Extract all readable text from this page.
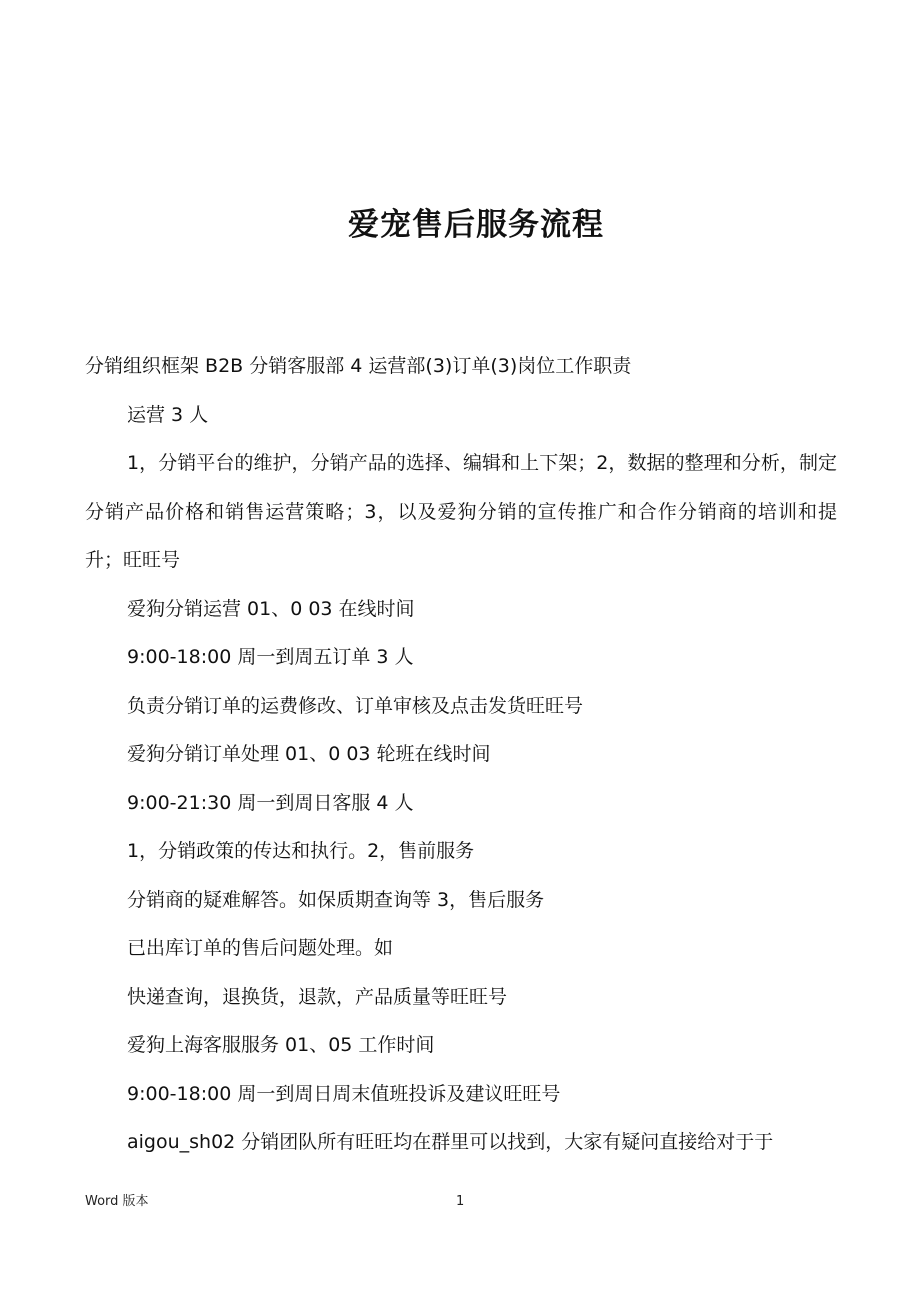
爱宠售后服务流程

分销组织框架 B2B 分销客服部 4 运营部(3)订单(3)岗位工作职责

运营 3 人

1，分销平台的维护，分销产品的选择、编辑和上下架；2，数据的整理和分析，制定分销产品价格和销售运营策略；3，以及爱狗分销的宣传推广和合作分销商的培训和提升；旺旺号

爱狗分销运营 01、0 03 在线时间

9:00-18:00 周一到周五订单 3 人

负责分销订单的运费修改、订单审核及点击发货旺旺号

爱狗分销订单处理 01、0 03 轮班在线时间

9:00-21:30 周一到周日客服 4 人

1，分销政策的传达和执行。2，售前服务

分销商的疑难解答。如保质期查询等 3，售后服务

已出库订单的售后问题处理。如

快递查询，退换货，退款，产品质量等旺旺号

爱狗上海客服服务 01、05 工作时间

9:00-18:00 周一到周日周末值班投诉及建议旺旺号

aigou_sh02 分销团队所有旺旺均在群里可以找到，大家有疑问直接给对于于

Word 版本	1
